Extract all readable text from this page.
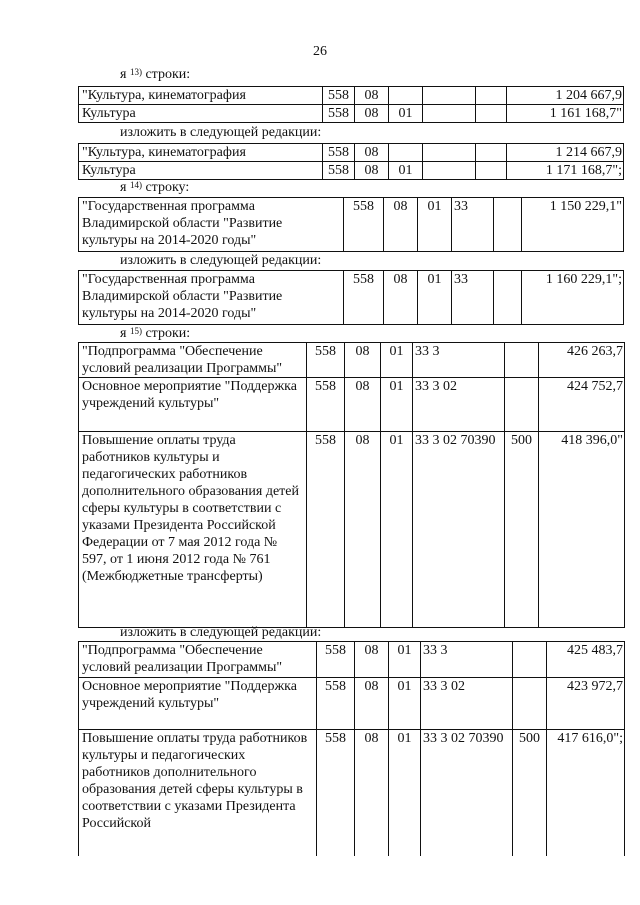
26
я $^{13)}$ строки:
"Культура, кинематография	558	08				1 204 667,9
Культура	558	08	01			1 161 168,7"
изложить в следующей редакции:
"Культура, кинематография	558	08				1 214 667,9
Культура	558	08	01			1 171 168,7";
я $^{14)}$ строку:
"Государственная программа Владимирской области "Развитие культуры на 2014-2020 годы"	558	08	01	33		1 150 229,1"
изложить в следующей редакции:
"Государственная программа Владимирской области "Развитие культуры на 2014-2020 годы"	558	08	01	33		1 160 229,1";
я $^{15)}$ строки:
"Подпрограмма "Обеспечение условий реализации Программы"	558	08	01	33 3		426 263,7
Основное мероприятие "Поддержка учреждений культуры"	558	08	01	33 3 02		424 752,7
Повышение оплаты труда работников культуры и педагогических работников дополнительного образования детей сферы культуры в соответствии с указами Президента Российской Федерации от 7 мая 2012 года № 597, от 1 июня 2012 года № 761 (Межбюджетные трансферты)	558	08	01	33 3 02 70390	500	418 396,0"
изложить в следующей редакции:
"Подпрограмма "Обеспечение условий реализации Программы"	558	08	01	33 3		425 483,7
Основное мероприятие "Поддержка учреждений культуры"	558	08	01	33 3 02		423 972,7
Повышение оплаты труда работников культуры и педагогических работников дополнительного образования детей сферы культуры в соответствии с указами Президента Российской	558	08	01	33 3 02 70390	500	417 616,0";
